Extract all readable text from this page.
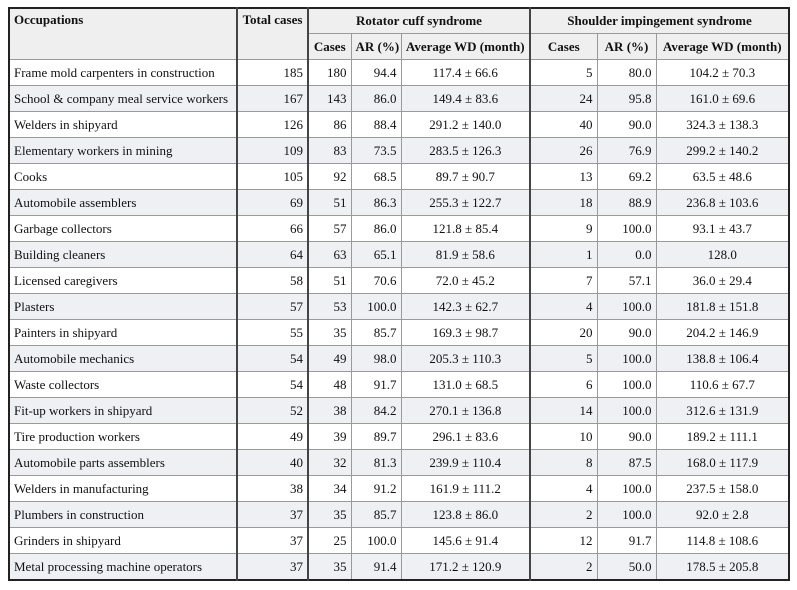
Occupations	Total cases	Rotator cuff syndrome			Shoulder impingement syndrome		
		Cases	AR (%)	Average WD (month)	Cases	AR (%)	Average WD (month)
Frame mold carpenters in construction	185	180	94.4	117.4 ± 66.6	5	80.0	104.2 ± 70.3
School & company meal service workers	167	143	86.0	149.4 ± 83.6	24	95.8	161.0 ± 69.6
Welders in shipyard	126	86	88.4	291.2 ± 140.0	40	90.0	324.3 ± 138.3
Elementary workers in mining	109	83	73.5	283.5 ± 126.3	26	76.9	299.2 ± 140.2
Cooks	105	92	68.5	89.7 ± 90.7	13	69.2	63.5 ± 48.6
Automobile assemblers	69	51	86.3	255.3 ± 122.7	18	88.9	236.8 ± 103.6
Garbage collectors	66	57	86.0	121.8 ± 85.4	9	100.0	93.1 ± 43.7
Building cleaners	64	63	65.1	81.9 ± 58.6	1	0.0	128.0
Licensed caregivers	58	51	70.6	72.0 ± 45.2	7	57.1	36.0 ± 29.4
Plasters	57	53	100.0	142.3 ± 62.7	4	100.0	181.8 ± 151.8
Painters in shipyard	55	35	85.7	169.3 ± 98.7	20	90.0	204.2 ± 146.9
Automobile mechanics	54	49	98.0	205.3 ± 110.3	5	100.0	138.8 ± 106.4
Waste collectors	54	48	91.7	131.0 ± 68.5	6	100.0	110.6 ± 67.7
Fit-up workers in shipyard	52	38	84.2	270.1 ± 136.8	14	100.0	312.6 ± 131.9
Tire production workers	49	39	89.7	296.1 ± 83.6	10	90.0	189.2 ± 111.1
Automobile parts assemblers	40	32	81.3	239.9 ± 110.4	8	87.5	168.0 ± 117.9
Welders in manufacturing	38	34	91.2	161.9 ± 111.2	4	100.0	237.5 ± 158.0
Plumbers in construction	37	35	85.7	123.8 ± 86.0	2	100.0	92.0 ± 2.8
Grinders in shipyard	37	25	100.0	145.6 ± 91.4	12	91.7	114.8 ± 108.6
Metal processing machine operators	37	35	91.4	171.2 ± 120.9	2	50.0	178.5 ± 205.8
